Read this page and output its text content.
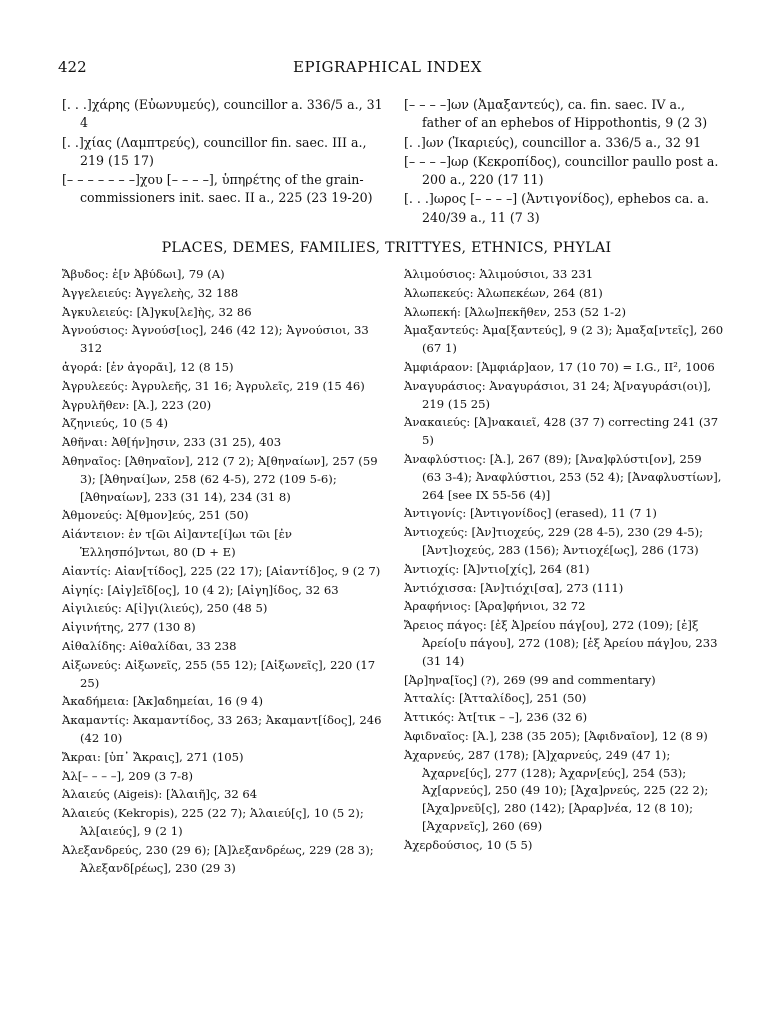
422	EPIGRAPHICAL INDEX
[. . .]χάρης (Εὐωνυμεύς), councillor a. 336/5 a., 31 4
[. .]χίας (Λαμπτρεύς), councillor fin. saec. III a., 219 (15 17)
[– – – – – – –]χου [– – – –], ὑπηρέτης of the grain-commissioners init. saec. II a., 225 (23 19-20)
[– – – –]ων (Ἀμαξαντεύς), ca. fin. saec. IV a., father of an ephebos of Hippothontis, 9 (2 3)
[. .]ων (Ἰκαριεύς), councillor a. 336/5 a., 32 91
[– – – –]ωρ (Κεκροπίδος), councillor paullo post a. 200 a., 220 (17 11)
[. . .]ωρος [– – – –] (Ἀντιγονίδος), ephebos ca. a. 240/39 a., 11 (7 3)
PLACES, DEMES, FAMILIES, TRITTYES, ETHNICS, PHYLAI
Ἄβυδος: ἐ[ν Ἀβύδωι], 79 (A)
Ἀγγελειεύς: Ἀγγελεὴς, 32 188
Ἀγκυλειεύς: [Ἀ]γκυ[λε]ὴς, 32 86
Ἀγνούσιος: Ἀγνούσ[ιος], 246 (42 12); Ἀγνούσιοι, 33 312
ἀγορά: [ἐν ἀγορᾶι], 12 (8 15)
Ἀγρυλεεύς: Ἀγρυλεῆς, 31 16; Ἀγρυλεῖς, 219 (15 46)
Ἀγρυλῆθεν: [Ἀ.], 223 (20)
Ἀζηνιεύς, 10 (5 4)
Ἀθῆναι: Ἀθ[ήν]ησιν, 233 (31 25), 403
Ἀθηναῖος: [Ἀθηναῖον], 212 (7 2); Ἀ[θηναίων], 257 (59 3); [Ἀθηναί]ων, 258 (62 4-5), 272 (109 5-6); [Ἀθηναίων], 233 (31 14), 234 (31 8)
Ἀθμονεύς: Ἀ[θμον]εύς, 251 (50)
Αἰάντειον: ἐν τ[ῶι Αἰ]αντε[ί]ωι τῶι [ἐν Ἑλλησπό]ντωι, 80 (D + E)
Αἰαντίς: Αἰαν[τίδος], 225 (22 17); [Αἰαντίδ]ος, 9 (2 7)
Αἰγηίς: [Αἰγ]εῖδ[ος], 10 (4 2); [Αἰγη]ίδος, 32 63
Αἰγιλιεύς: Α[ἰ]γι(λιεύς), 250 (48 5)
Αἰγινήτης, 277 (130 8)
Αἰθαλίδης: Αἰθαλίδαι, 33 238
Αἰξωνεύς: Αἰξωνεῖς, 255 (55 12); [Αἰξωνεῖς], 220 (17 25)
Ἀκαδήμεια: [Ἀκ]αδημείαι, 16 (9 4)
Ἀκαμαντίς: Ἀκαμαντίδος, 33 263; Ἀκαμαντ[ίδος], 246 (42 10)
Ἄκραι: [ὑπ᾽ Ἄκραις], 271 (105)
Ἀλ[– – – –], 209 (3 7-8)
Ἁλαιεύς (Aigeis): [Ἁλαιῆ]ς, 32 64
Ἁλαιεύς (Kekropis), 225 (22 7); Ἁλαιεύ[ς], 10 (5 2); Ἁλ[αιεύς], 9 (2 1)
Ἀλεξανδρεύς, 230 (29 6); [Ἀ]λεξανδρέως, 229 (28 3); Ἀλεξανδ[ρέως], 230 (29 3)
Ἁλιμούσιος: Ἁλιμούσιοι, 33 231
Ἀλωπεκεύς: Ἀλωπεκέων, 264 (81)
Ἀλωπεκή: [Ἀλω]πεκῆθεν, 253 (52 1-2)
Ἀμαξαντεύς: Ἀμα[ξαντεύς], 9 (2 3); Ἀμαξα[ντεῖς], 260 (67 1)
Ἀμφιάραον: [Ἀμφιάρ]αον, 17 (10 70) = I.G., II², 1006
Ἀναγυράσιος: Ἀναγυράσιοι, 31 24; Ἀ[ναγυράσι(οι)], 219 (15 25)
Ἀνακαιεύς: [Ἀ]νακαιεῖ, 428 (37 7) correcting 241 (37 5)
Ἀναφλύστιος: [Ἀ.], 267 (89); [Ἀνα]φλύστι[ον], 259 (63 3-4); Ἀναφλύστιοι, 253 (52 4); [Ἀναφλυστίων], 264 [see IX 55-56 (4)]
Ἀντιγονίς: [Ἀντιγονίδος] (erased), 11 (7 1)
Ἀντιοχεύς: [Ἀν]τιοχεύς, 229 (28 4-5), 230 (29 4-5); [Ἀντ]ιοχεύς, 283 (156); Ἀντιοχέ[ως], 286 (173)
Ἀντιοχίς: [Ἀ]ντιο[χίς], 264 (81)
Ἀντιόχισσα: [Ἀν]τιόχι[σα], 273 (111)
Ἀραφήνιος: [Ἀρα]φήνιοι, 32 72
Ἄρειος πάγος: [ἐξ Ἀ]ρείου πάγ[ου], 272 (109); [ἐ]ξ Ἀρείο[υ πάγου], 272 (108); [ἐξ Ἀρείου πάγ]ου, 233 (31 14)
[Ἀρ]ηνα[ῖος] (?), 269 (99 and commentary)
Ἀτταλίς: [Ἀτταλίδος], 251 (50)
Ἀττικός: Ἀτ[τικ – –], 236 (32 6)
Ἀφιδναῖος: [Ἀ.], 238 (35 205); [Ἀφιδναῖον], 12 (8 9)
Ἀχαρνεύς, 287 (178); [Ἀ]χαρνεύς, 249 (47 1); Ἀχαρνε[ύς], 277 (128); Ἀχαρν[εύς], 254 (53); Ἀχ[αρνεύς], 250 (49 10); [Ἀχα]ρνεύς, 225 (22 2); [Ἀχα]ρνεῦ[ς], 280 (142); [Ἀραρ]νέα, 12 (8 10); [Ἀχαρνεῖς], 260 (69)
Ἀχερδούσιος, 10 (5 5)
